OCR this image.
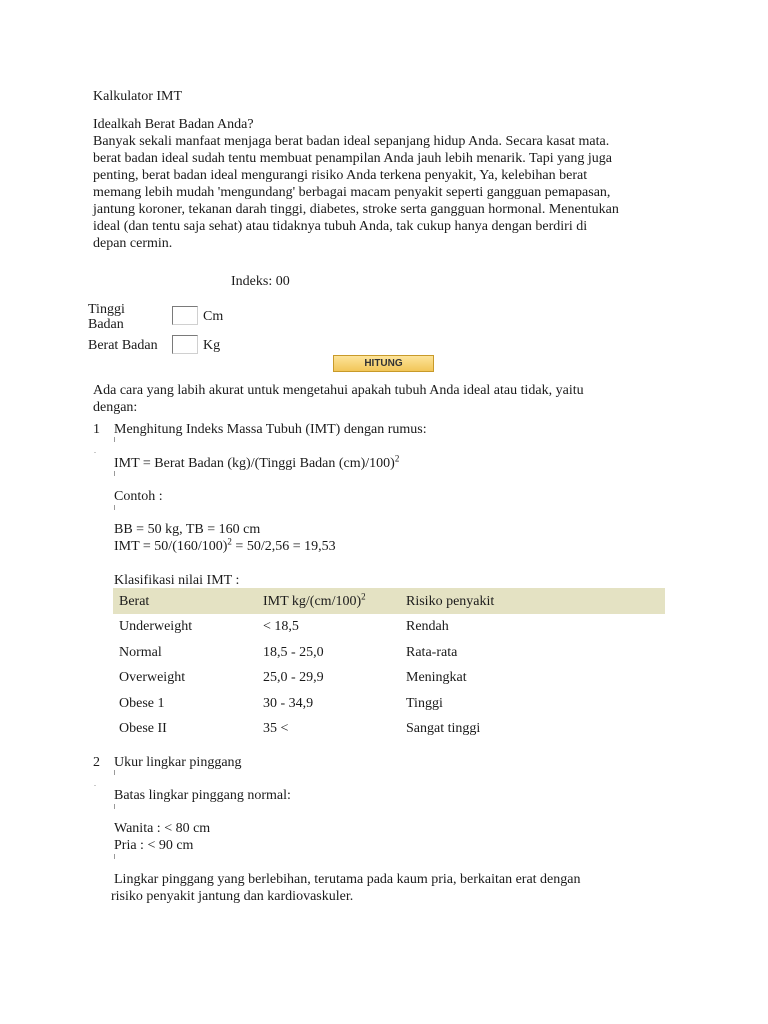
Kalkulator IMT
Idealkah Berat Badan Anda?
Banyak sekali manfaat menjaga berat badan ideal sepanjang hidup Anda. Secara kasat mata.
berat badan ideal sudah tentu membuat penampilan Anda jauh lebih menarik. Tapi yang juga
penting, berat badan ideal mengurangi risiko Anda terkena penyakit, Ya, kelebihan berat
memang lebih mudah 'mengundang' berbagai macam penyakit seperti gangguan pemapasan,
jantung koroner, tekanan darah tinggi, diabetes, stroke serta gangguan hormonal. Menentukan
ideal (dan tentu saja sehat) atau tidaknya tubuh Anda, tak cukup hanya dengan berdiri di
depan cermin.
Indeks: 00
Tinggi
Badan
Cm
Berat Badan	Kg
HITUNG
Ada cara yang labih akurat untuk mengetahui apakah tubuh Anda ideal atau tidak, yaitu
dengan:
1
.
Menghitung Indeks Massa Tubuh (IMT) dengan rumus:
IMT = Berat Badan (kg)/(Tinggi Badan (cm)/100)$^2$
Contoh :
BB = 50 kg, TB = 160 cm
IMT = $50/(160/100)^2 = 50/2,56 = 19,53$
Klasifikasi nilai IMT :
Berat	IMT $kg/(cm/100)^2$	Risiko penyakit
Underweight	< 18,5	Rendah
Normal	18,5 - 25,0	Rata-rata
Overweight	25,0 - 29,9	Meningkat
Obese 1	30 - 34,9	Tinggi
Obese II	35 <	Sangat tinggi
2
.
Ukur lingkar pinggang
Batas lingkar pinggang normal:
Wanita : < 80 cm
Pria : < 90 cm
Lingkar pinggang yang berlebihan, terutama pada kaum pria, berkaitan erat dengan
risiko penyakit jantung dan kardiovaskuler.
